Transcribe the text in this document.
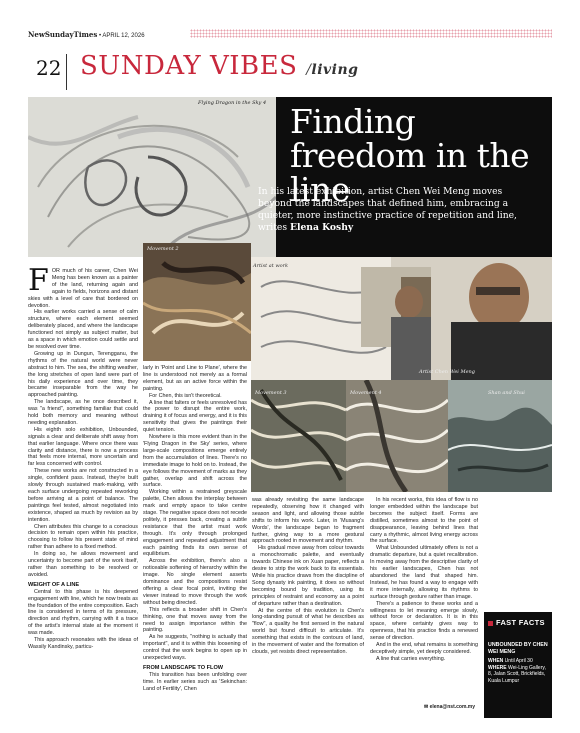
NewSundayTimes • APRIL 12, 2026
22 SUNDAY VIBES /living
Flying Dragon in the Sky 4 Finding freedom in the line
In his latest exhibition, artist Chen Wei Meng moves beyond the landscapes that defined him, embracing a quieter, more instinctive practice of repetition and line, writes Elena Koshy
Movement 2
Artist at work
Artist Chen Wei Meng
Movement 3	Movement 4	Shan and Shui
F OR much of his career, Chen Wei Meng has been known as a painter of the land, returning again and again to fields, horizons and distant skies with a level of care that bordered on devotion.

His earlier works carried a sense of calm structure, where each element seemed deliberately placed, and where the landscape functioned not simply as subject matter, but as a space in which emotion could settle and be resolved over time.

Growing up in Dungun, Terengganu, the rhythms of the natural world were never abstract to him. The sea, the shifting weather, the long stretches of open land were part of his daily experience and over time, they became inseparable from the way he approached painting.

The landscape, as he once described it, was "a friend", something familiar that could hold both memory and meaning without needing explanation.

His eighth solo exhibition, Unbounded, signals a clear and deliberate shift away from that earlier language. Where once there was clarity and distance, there is now a process that feels more internal, more uncertain and far less concerned with control.

These new works are not constructed in a single, confident pass. Instead, they're built slowly through sustained mark-making, with each surface undergoing repeated reworking before arriving at a point of balance. The paintings feel tested, almost negotiated into existence, shaped as much by revision as by intention.

Chen attributes this change to a conscious decision to remain open within his practice, choosing to follow his present state of mind rather than adhere to a fixed method.

In doing so, he allows movement and uncertainty to become part of the work itself, rather than something to be resolved or avoided.

WEIGHT OF A LINE

Central to this phase is his deepened engagement with line, which he now treats as the foundation of the entire composition. Each line is considered in terms of its pressure, direction and rhythm, carrying with it a trace of the artist's internal state at the moment it was made.

This approach resonates with the ideas of Wassily Kandinsky, particu-

larly in 'Point and Line to Plane', where the line is understood not merely as a formal element, but as an active force within the painting.

For Chen, this isn't theoretical.

A line that falters or feels unresolved has the power to disrupt the entire work, draining it of focus and energy, and it is this sensitivity that gives the paintings their quiet tension.

Nowhere is this more evident than in the 'Flying Dragon in the Sky' series, where large-scale compositions emerge entirely from the accumulation of lines. There's no immediate image to hold on to. Instead, the eye follows the movement of marks as they gather, overlap and shift across the surface.

Working within a restrained greyscale palette, Chen allows the interplay between mark and empty space to take centre stage. The negative space does not recede politely, it presses back, creating a subtle resistance that the artist must work through. It's only through prolonged engagement and repeated adjustment that each painting finds its own sense of equilibrium.

Across the exhibition, there's also a noticeable softening of hierarchy within the image. No single element asserts dominance and the compositions resist offering a clear focal point, inviting the viewer instead to move through the work without being directed.

This reflects a broader shift in Chen's thinking, one that moves away from the need to assign importance within the painting.

As he suggests, "nothing is actually that important", and it is within this loosening of control that the work begins to open up in unexpected ways.

FROM LANDSCAPE TO FLOW

This transition has been unfolding over time. In earlier series such as 'Sekinchan: Land of Fertility', Chen

was already revisiting the same landscape repeatedly, observing how it changed with season and light, and allowing those subtle shifts to inform his work. Later, in 'Musang's Words', the landscape began to fragment further, giving way to a more gestural approach rooted in movement and rhythm.

His gradual move away from colour towards a monochromatic palette, and eventually towards Chinese ink on Xuan paper, reflects a desire to strip the work back to its essentials. While his practice draws from the discipline of Song dynasty ink painting, it does so without becoming bound by tradition, using its principles of restraint and economy as a point of departure rather than a destination.

At the centre of this evolution is Chen's long-standing pursuit of what he describes as "flow", a quality he first sensed in the natural world but found difficult to articulate. It's something that exists in the contours of land, in the movement of water and the formation of clouds, yet resists direct representation.

In his recent works, this idea of flow is no longer embedded within the landscape but becomes the subject itself. Forms are distilled, sometimes almost to the point of disappearance, leaving behind lines that carry a rhythmic, almost living energy across the surface.

What Unbounded ultimately offers is not a dramatic departure, but a quiet recalibration. In moving away from the descriptive clarity of his earlier landscapes, Chen has not abandoned the land that shaped him. Instead, he has found a way to engage with it more internally, allowing its rhythms to surface through gesture rather than image.

There's a patience to these works and a willingness to let meaning emerge slowly, without force or declaration. It is in this space, where certainty gives way to openness, that his practice finds a renewed sense of direction.

And in the end, what remains is something deceptively simple, yet deeply considered.

A line that carries everything.

FAST FACTS
UNBOUNDED BY CHEN WEI MENG
WHEN Until April 30
WHERE Wei-Ling Gallery, 8, Jalan Scott, Brickfields, Kuala Lumpur
✉ elena@nst.com.my
